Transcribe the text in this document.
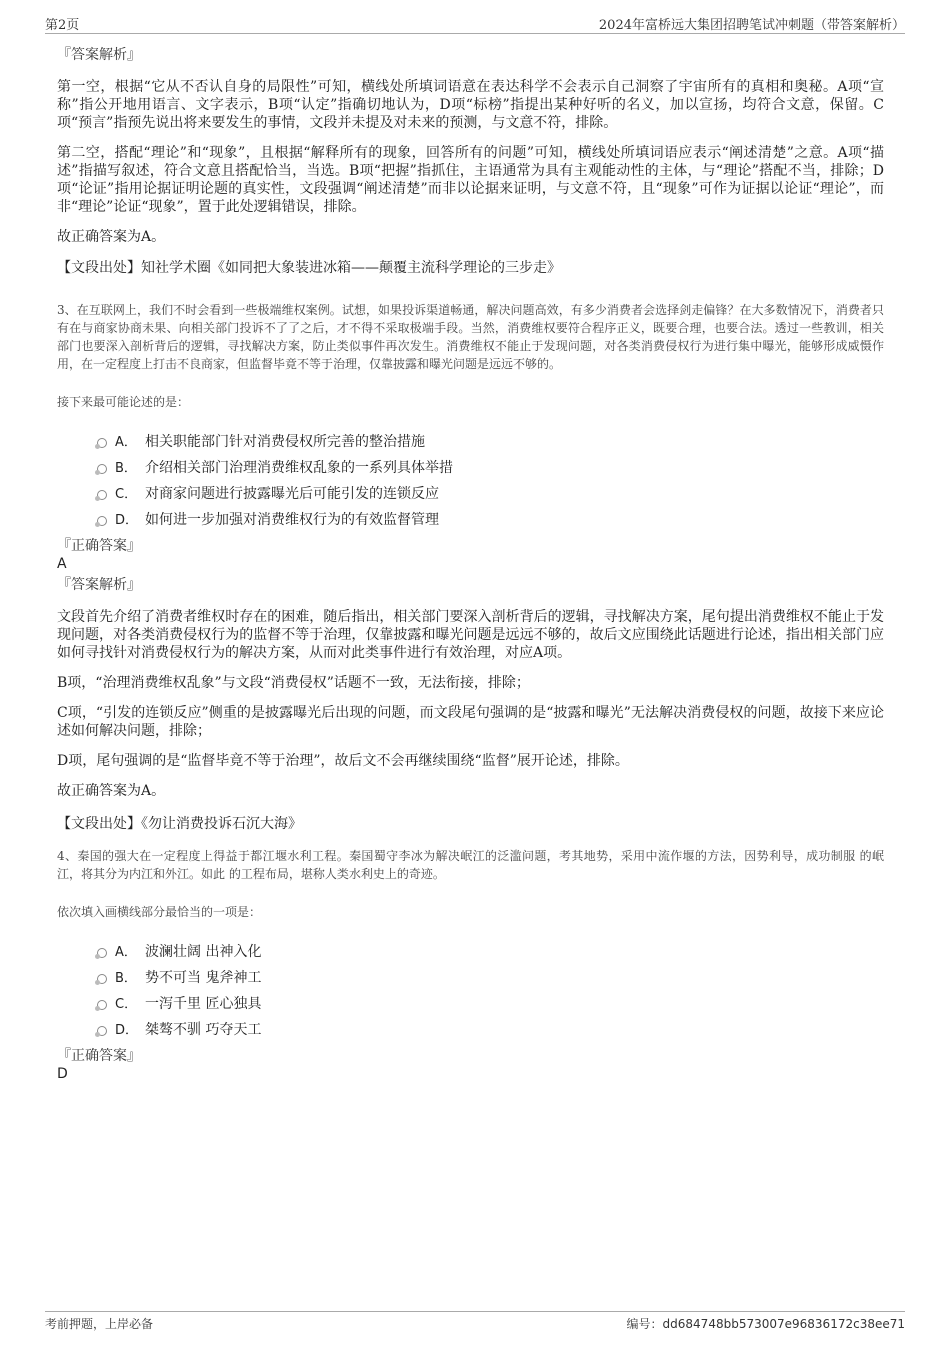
第2页	2024年富桥远大集团招聘笔试冲刺题（带答案解析）
『答案解析』

第一空，根据“它从不否认自身的局限性”可知，横线处所填词语意在表达科学不会表示自己洞察了宇宙所有的真相和奥秘。A项“宣称”指公开地用语言、文字表示，B项“认定”指确切地认为，D项“标榜”指提出某种好听的名义，加以宣扬，均符合文意，保留。C项“预言”指预先说出将来要发生的事情，文段并未提及对未来的预测，与文意不符，排除。

第二空，搭配“理论”和“现象”，且根据“解释所有的现象，回答所有的问题”可知，横线处所填词语应表示“阐述清楚”之意。A项“描述”指描写叙述，符合文意且搭配恰当，当选。B项“把握”指抓住，主语通常为具有主观能动性的主体，与“理论”搭配不当，排除；D项“论证”指用论据证明论题的真实性，文段强调“阐述清楚”而非以论据来证明，与文意不符，且“现象”可作为证据以论证“理论”，而非“理论”论证“现象”，置于此处逻辑错误，排除。

故正确答案为A。

【文段出处】知社学术圈《如同把大象装进冰箱——颠覆主流科学理论的三步走》

3、在互联网上，我们不时会看到一些极端维权案例。试想，如果投诉渠道畅通，解决问题高效，有多少消费者会选择剑走偏锋？在大多数情况下，消费者只有在与商家协商未果、向相关部门投诉不了了之后，才不得不采取极端手段。当然，消费维权要符合程序正义，既要合理，也要合法。透过一些教训，相关部门也要深入剖析背后的逻辑，寻找解决方案，防止类似事件再次发生。消费维权不能止于发现问题，对各类消费侵权行为进行集中曝光，能够形成威慑作用，在一定程度上打击不良商家，但监督毕竟不等于治理，仅靠披露和曝光问题是远远不够的。

接下来最可能论述的是：

A． 相关职能部门针对消费侵权所完善的整治措施
B． 介绍相关部门治理消费维权乱象的一系列具体举措
C． 对商家问题进行披露曝光后可能引发的连锁反应
D． 如何进一步加强对消费维权行为的有效监督管理
『正确答案』
A
『答案解析』

文段首先介绍了消费者维权时存在的困难，随后指出，相关部门要深入剖析背后的逻辑，寻找解决方案，尾句提出消费维权不能止于发现问题，对各类消费侵权行为的监督不等于治理，仅靠披露和曝光问题是远远不够的，故后文应围绕此话题进行论述，指出相关部门应如何寻找针对消费侵权行为的解决方案，从而对此类事件进行有效治理，对应A项。

B项，“治理消费维权乱象”与文段“消费侵权”话题不一致，无法衔接，排除；

C项，“引发的连锁反应”侧重的是披露曝光后出现的问题，而文段尾句强调的是“披露和曝光”无法解决消费侵权的问题，故接下来应论述如何解决问题，排除；

D项，尾句强调的是“监督毕竟不等于治理”，故后文不会再继续围绕“监督”展开论述，排除。

故正确答案为A。

【文段出处】《勿让消费投诉石沉大海》

4、秦国的强大在一定程度上得益于都江堰水利工程。秦国蜀守李冰为解决岷江的泛滥问题，考其地势，采用中流作堰的方法，因势利导，成功制服 的岷江，将其分为内江和外江。如此 的工程布局，堪称人类水利史上的奇迹。

依次填入画横线部分最恰当的一项是：

A． 波澜壮阔 出神入化
B． 势不可当 鬼斧神工
C． 一泻千里 匠心独具
D． 桀骜不驯 巧夺天工
『正确答案』
D
考前押题，上岸必备	编号：dd684748bb573007e96836172c38ee71
